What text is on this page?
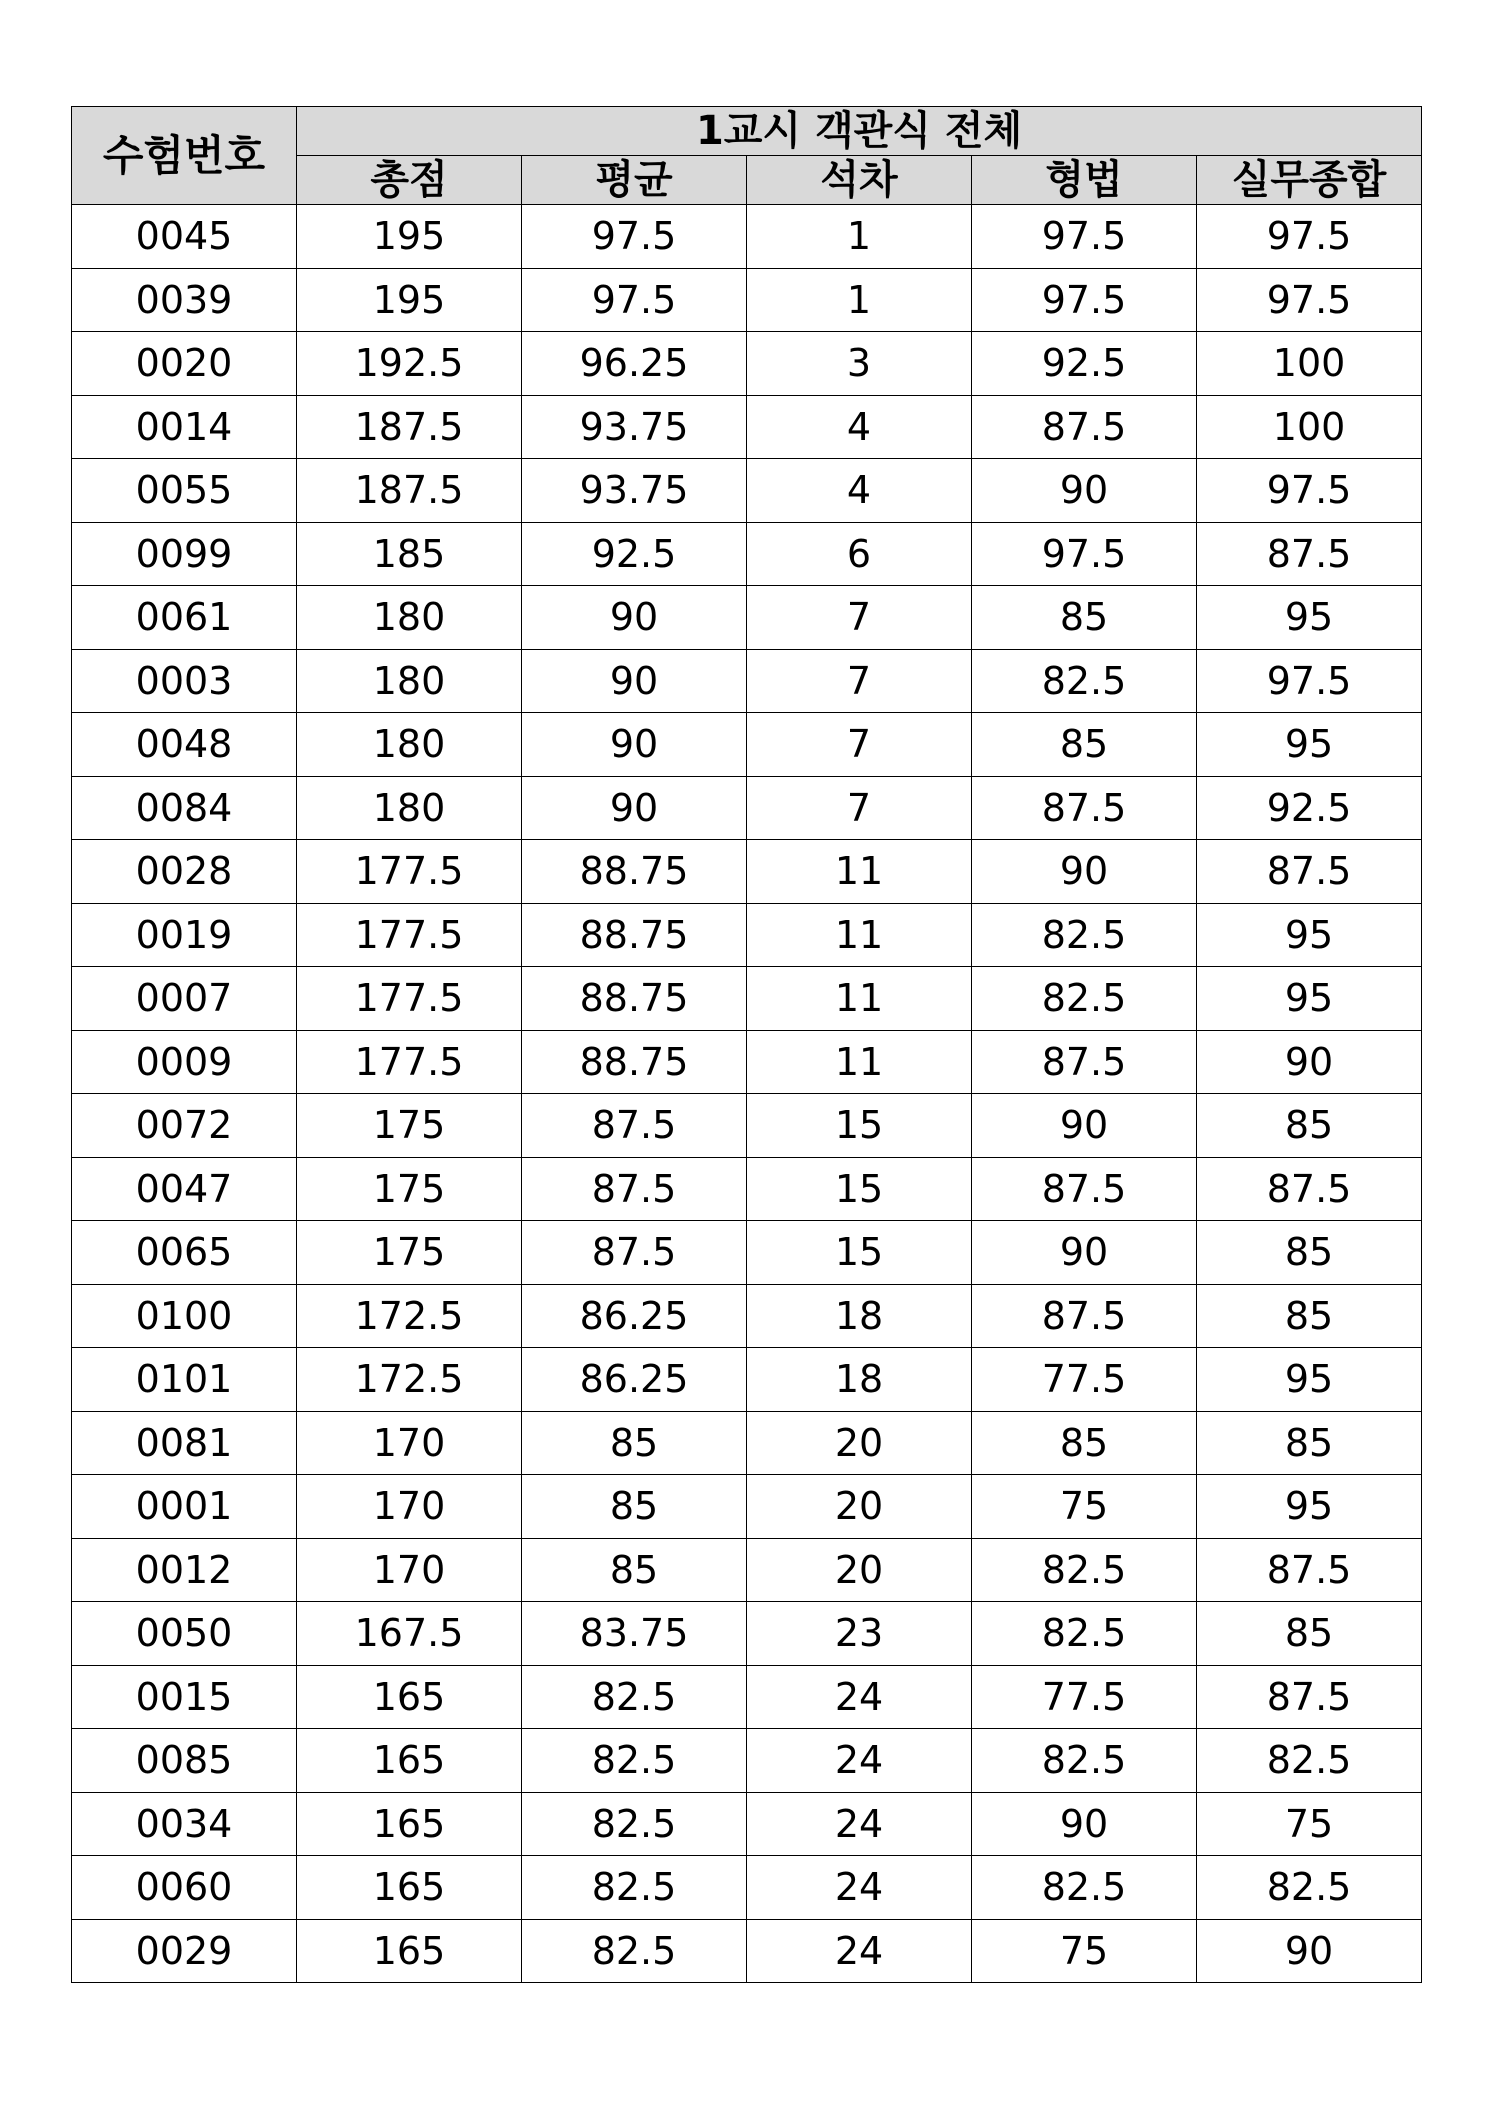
수험번호	1교시 객관식 전체				
	총점	평균	석차	형법	실무종합
0045	195	97.5	1	97.5	97.5
0039	195	97.5	1	97.5	97.5
0020	192.5	96.25	3	92.5	100
0014	187.5	93.75	4	87.5	100
0055	187.5	93.75	4	90	97.5
0099	185	92.5	6	97.5	87.5
0061	180	90	7	85	95
0003	180	90	7	82.5	97.5
0048	180	90	7	85	95
0084	180	90	7	87.5	92.5
0028	177.5	88.75	11	90	87.5
0019	177.5	88.75	11	82.5	95
0007	177.5	88.75	11	82.5	95
0009	177.5	88.75	11	87.5	90
0072	175	87.5	15	90	85
0047	175	87.5	15	87.5	87.5
0065	175	87.5	15	90	85
0100	172.5	86.25	18	87.5	85
0101	172.5	86.25	18	77.5	95
0081	170	85	20	85	85
0001	170	85	20	75	95
0012	170	85	20	82.5	87.5
0050	167.5	83.75	23	82.5	85
0015	165	82.5	24	77.5	87.5
0085	165	82.5	24	82.5	82.5
0034	165	82.5	24	90	75
0060	165	82.5	24	82.5	82.5
0029	165	82.5	24	75	90
